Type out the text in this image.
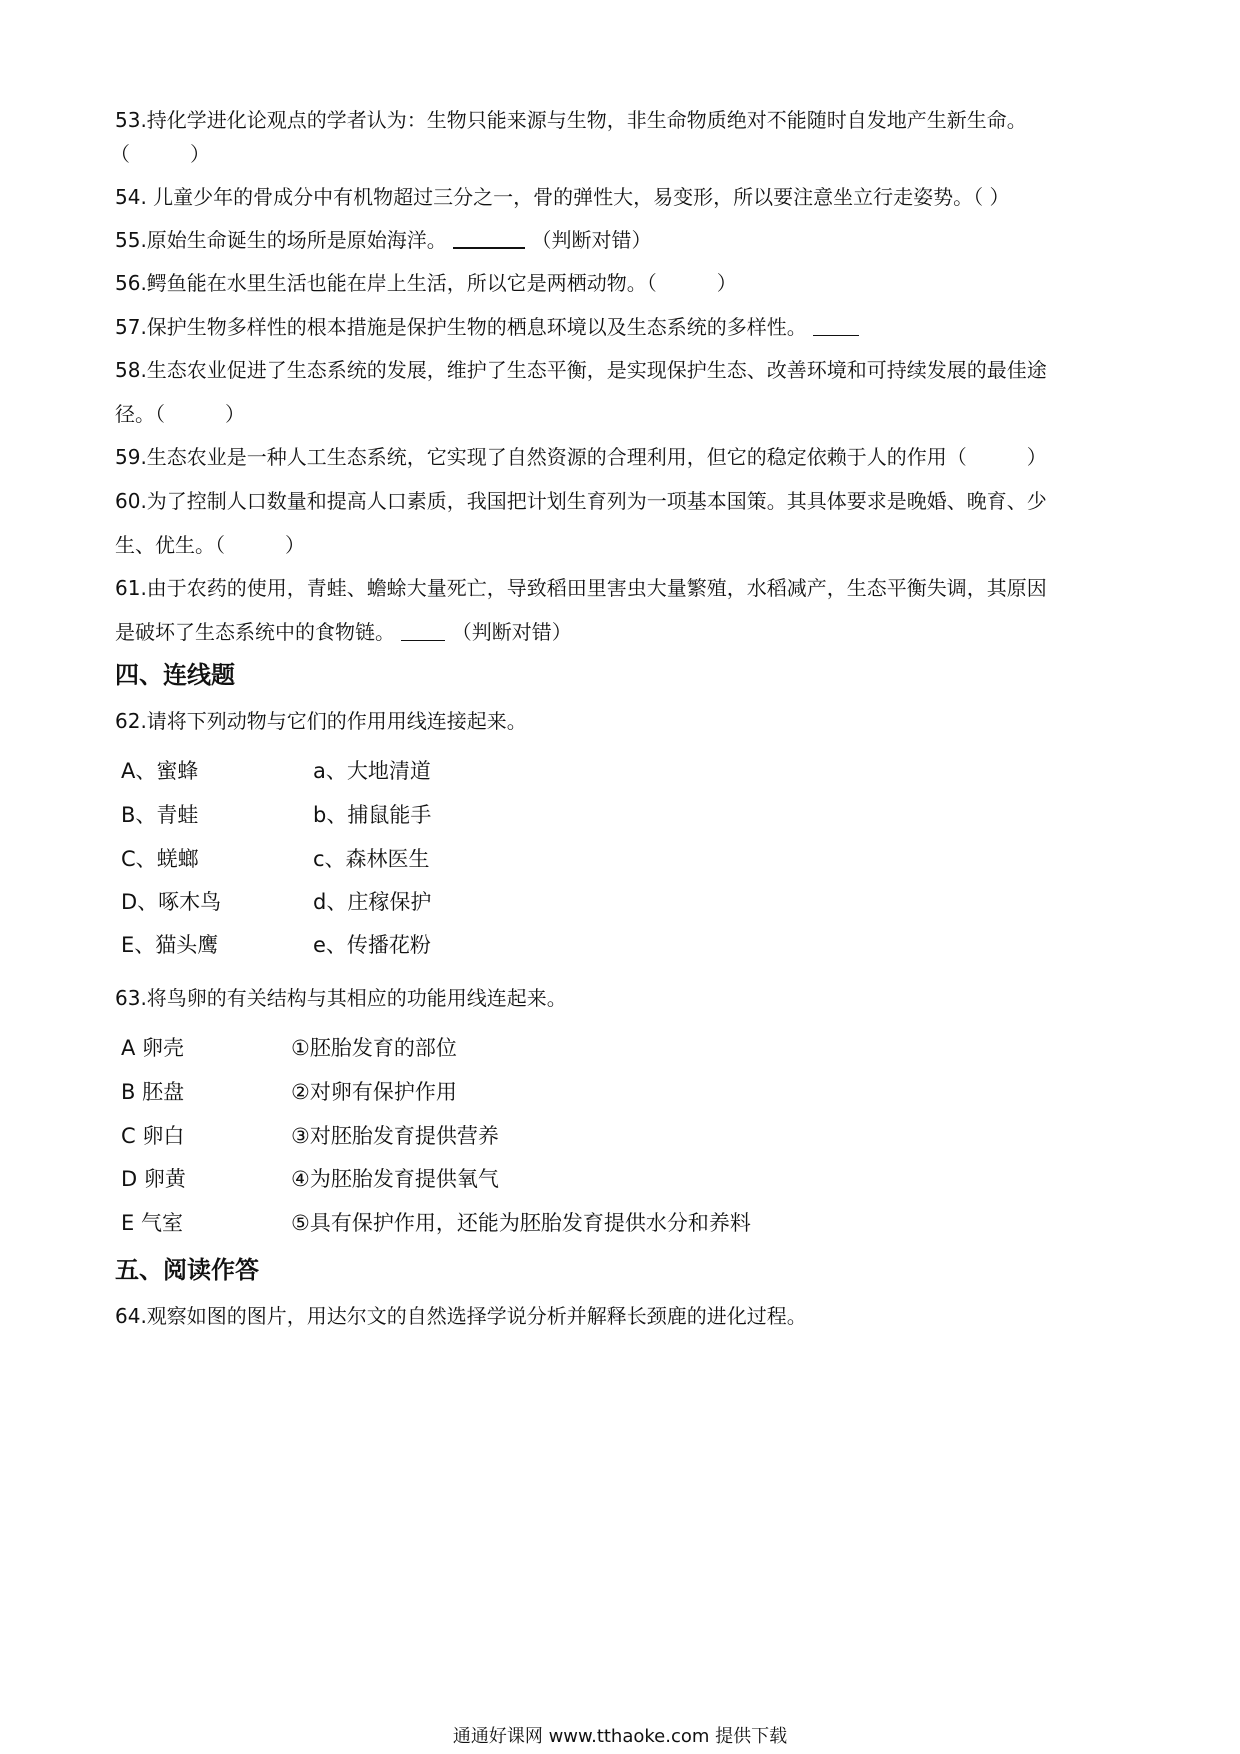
53.持化学进化论观点的学者认为：生物只能来源与生物，非生命物质绝对不能随时自发地产生新生命。
（　　　）
54. 儿童少年的骨成分中有机物超过三分之一，骨的弹性大，易变形，所以要注意坐立行走姿势。（ ）
55.原始生命诞生的场所是原始海洋。	（判断对错）
56.鳄鱼能在水里生活也能在岸上生活，所以它是两栖动物。（　　　）
57.保护生物多样性的根本措施是保护生物的栖息环境以及生态系统的多样性。
58.生态农业促进了生态系统的发展，维护了生态平衡，是实现保护生态、改善环境和可持续发展的最佳途
径。（　　　）
59.生态农业是一种人工生态系统，它实现了自然资源的合理利用，但它的稳定依赖于人的作用（　　　）
60.为了控制人口数量和提高人口素质，我国把计划生育列为一项基本国策。其具体要求是晚婚、晚育、少
生、优生。（　　　）
61.由于农药的使用，青蛙、蟾蜍大量死亡，导致稻田里害虫大量繁殖，水稻减产，生态平衡失调，其原因
是破坏了生态系统中的食物链。	（判断对错）
四、连线题
62.请将下列动物与它们的作用用线连接起来。
A、蜜蜂
B、青蛙
C、蜣螂
D、啄木鸟
E、猫头鹰
a、大地清道
b、捕鼠能手
c、森林医生
d、庄稼保护
e、传播花粉
63.将鸟卵的有关结构与其相应的功能用线连起来。
A 卵壳
B 胚盘
C 卵白
D 卵黄
E 气室
①胚胎发育的部位
②对卵有保护作用
③对胚胎发育提供营养
④为胚胎发育提供氧气
⑤具有保护作用，还能为胚胎发育提供水分和养料
五、阅读作答
64.观察如图的图片，用达尔文的自然选择学说分析并解释长颈鹿的进化过程。
通通好课网 www.tthaoke.com 提供下载
